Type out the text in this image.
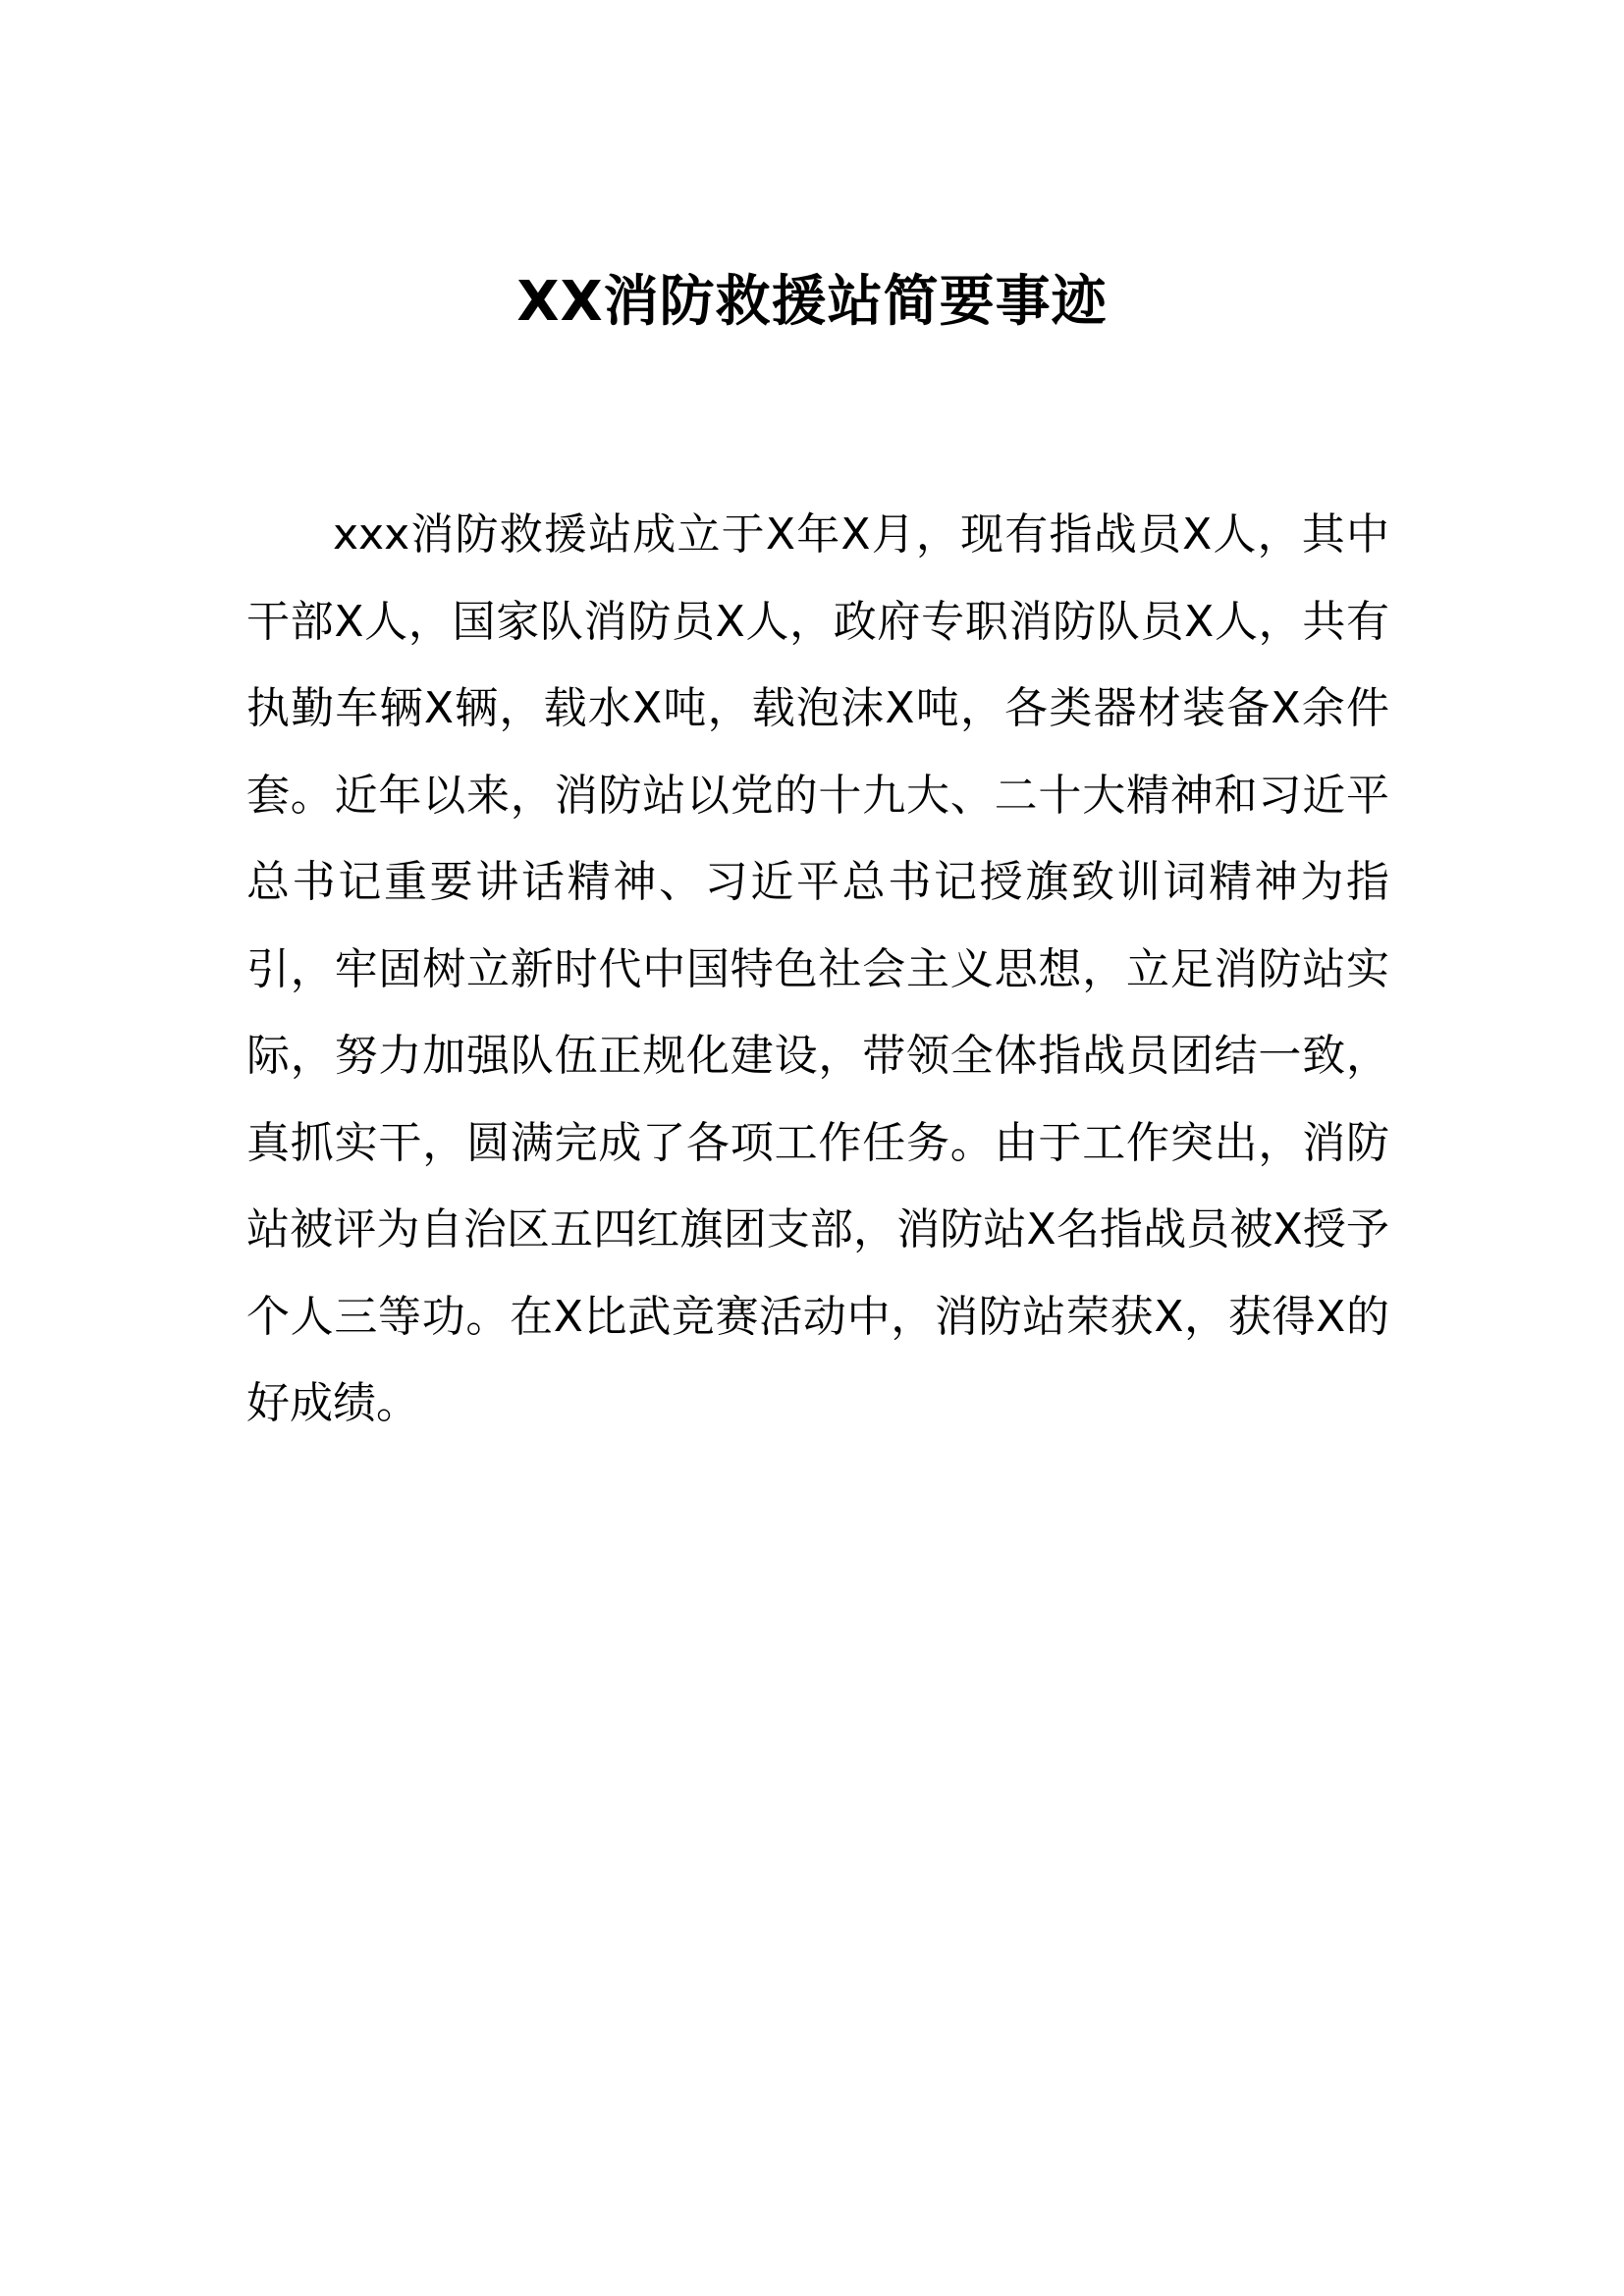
XX消防救援站简要事迹

xxx消防救援站成立于X年X月，现有指战员X人，其中干部X人，国家队消防员X人，政府专职消防队员X人，共有执勤车辆X辆，载水X吨，载泡沫X吨，各类器材装备X余件套。近年以来，消防站以党的十九大、二十大精神和习近平总书记重要讲话精神、习近平总书记授旗致训词精神为指引，牢固树立新时代中国特色社会主义思想，立足消防站实际，努力加强队伍正规化建设，带领全体指战员团结一致，真抓实干，圆满完成了各项工作任务。由于工作突出，消防站被评为自治区五四红旗团支部，消防站X名指战员被X授予个人三等功。在X比武竞赛活动中，消防站荣获X，获得X的好成绩。
